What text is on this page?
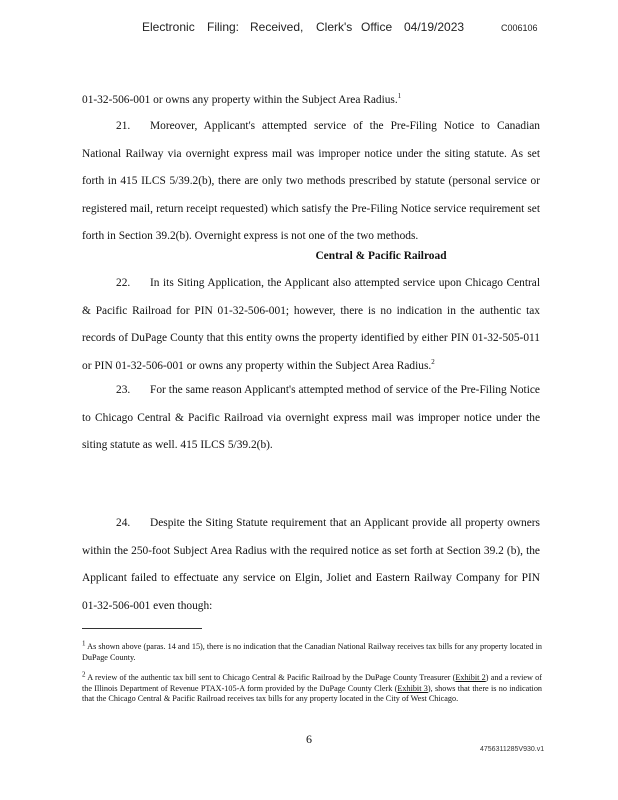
Electronic Filing: Received, Clerk's Office 04/19/2023	C006106
01-32-506-001 or owns any property within the Subject Area Radius.$^1$

21. Moreover, Applicant's attempted service of the Pre-Filing Notice to Canadian National Railway via overnight express mail was improper notice under the siting statute. As set forth in 415 ILCS 5/39.2(b), there are only two methods prescribed by statute (personal service or registered mail, return receipt requested) which satisfy the Pre-Filing Notice service requirement set forth in Section 39.2(b). Overnight express is not one of the two methods.

Central & Pacific Railroad

22. In its Siting Application, the Applicant also attempted service upon Chicago Central & Pacific Railroad for PIN 01-32-506-001; however, there is no indication in the authentic tax records of DuPage County that this entity owns the property identified by either PIN 01-32-505-011 or PIN 01-32-506-001 or owns any property within the Subject Area Radius.$^2$

23. For the same reason Applicant's attempted method of service of the Pre-Filing Notice to Chicago Central & Pacific Railroad via overnight express mail was improper notice under the siting statute as well. 415 ILCS 5/39.2(b).

24. Despite the Siting Statute requirement that an Applicant provide all property owners within the 250-foot Subject Area Radius with the required notice as set forth at Section 39.2 (b), the Applicant failed to effectuate any service on Elgin, Joliet and Eastern Railway Company for PIN 01-32-506-001 even though:

$^1$ As shown above (paras. 14 and 15), there is no indication that the Canadian National Railway receives tax bills for any property located in DuPage County.

$^2$ A review of the authentic tax bill sent to Chicago Central & Pacific Railroad by the DuPage County Treasurer (Exhibit 2) and a review of the Illinois Department of Revenue PTAX-105-A form provided by the DuPage County Clerk (Exhibit 3), shows that there is no indication that the Chicago Central & Pacific Railroad receives tax bills for any property located in the City of West Chicago.

6
4756311285V930.v1
